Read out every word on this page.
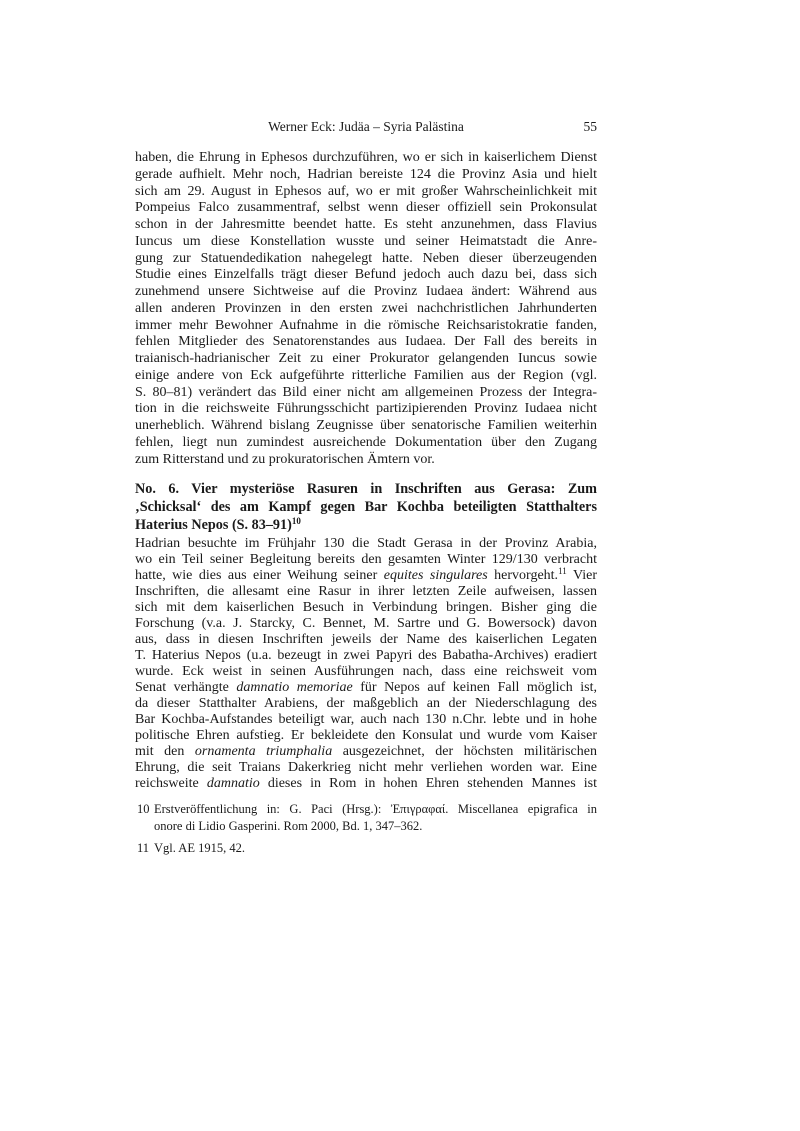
Werner Eck: Judäa – Syria Palästina	55
haben, die Ehrung in Ephesos durchzuführen, wo er sich in kaiserlichem Dienst
gerade aufhielt. Mehr noch, Hadrian bereiste 124 die Provinz Asia und hielt
sich am 29. August in Ephesos auf, wo er mit großer Wahrscheinlichkeit mit
Pompeius Falco zusammentraf, selbst wenn dieser offiziell sein Prokonsulat
schon in der Jahresmitte beendet hatte. Es steht anzunehmen, dass Flavius
Iuncus um diese Konstellation wusste und seiner Heimatstadt die Anre-
gung zur Statuendedikation nahegelegt hatte. Neben dieser überzeugenden
Studie eines Einzelfalls trägt dieser Befund jedoch auch dazu bei, dass sich
zunehmend unsere Sichtweise auf die Provinz Iudaea ändert: Während aus
allen anderen Provinzen in den ersten zwei nachchristlichen Jahrhunderten
immer mehr Bewohner Aufnahme in die römische Reichsaristokratie fanden,
fehlen Mitglieder des Senatorenstandes aus Iudaea. Der Fall des bereits in
traianisch-hadrianischer Zeit zu einer Prokurator gelangenden Iuncus sowie
einige andere von Eck aufgeführte ritterliche Familien aus der Region (vgl.
S. 80–81) verändert das Bild einer nicht am allgemeinen Prozess der Integra-
tion in die reichsweite Führungsschicht partizipierenden Provinz Iudaea nicht
unerheblich. Während bislang Zeugnisse über senatorische Familien weiterhin
fehlen, liegt nun zumindest ausreichende Dokumentation über den Zugang
zum Ritterstand und zu prokuratorischen Ämtern vor.
No. 6. Vier mysteriöse Rasuren in Inschriften aus Gerasa: Zum
‚Schicksal‘ des am Kampf gegen Bar Kochba beteiligten Statthalters
Haterius Nepos (S. 83–91)$^{10}$
Hadrian besuchte im Frühjahr 130 die Stadt Gerasa in der Provinz Arabia,
wo ein Teil seiner Begleitung bereits den gesamten Winter 129/130 verbracht
hatte, wie dies aus einer Weihung seiner equites singulares hervorgeht.$^{11}$ Vier
Inschriften, die allesamt eine Rasur in ihrer letzten Zeile aufweisen, lassen
sich mit dem kaiserlichen Besuch in Verbindung bringen. Bisher ging die
Forschung (v.a. J. Starcky, C. Bennet, M. Sartre und G. Bowersock) davon
aus, dass in diesen Inschriften jeweils der Name des kaiserlichen Legaten
T. Haterius Nepos (u.a. bezeugt in zwei Papyri des Babatha-Archives) eradiert
wurde. Eck weist in seinen Ausführungen nach, dass eine reichsweit vom
Senat verhängte damnatio memoriae für Nepos auf keinen Fall möglich ist,
da dieser Statthalter Arabiens, der maßgeblich an der Niederschlagung des
Bar Kochba-Aufstandes beteiligt war, auch nach 130 n.Chr. lebte und in hohe
politische Ehren aufstieg. Er bekleidete den Konsulat und wurde vom Kaiser
mit den ornamenta triumphalia ausgezeichnet, der höchsten militärischen
Ehrung, die seit Traians Dakerkrieg nicht mehr verliehen worden war. Eine
reichsweite damnatio dieses in Rom in hohen Ehren stehenden Mannes ist
10 Erstveröffentlichung in: G. Paci (Hrsg.): Ἐπιγραφαί. Miscellanea epigrafica in
onore di Lidio Gasperini. Rom 2000, Bd. 1, 347–362.
11 Vgl. AE 1915, 42.
